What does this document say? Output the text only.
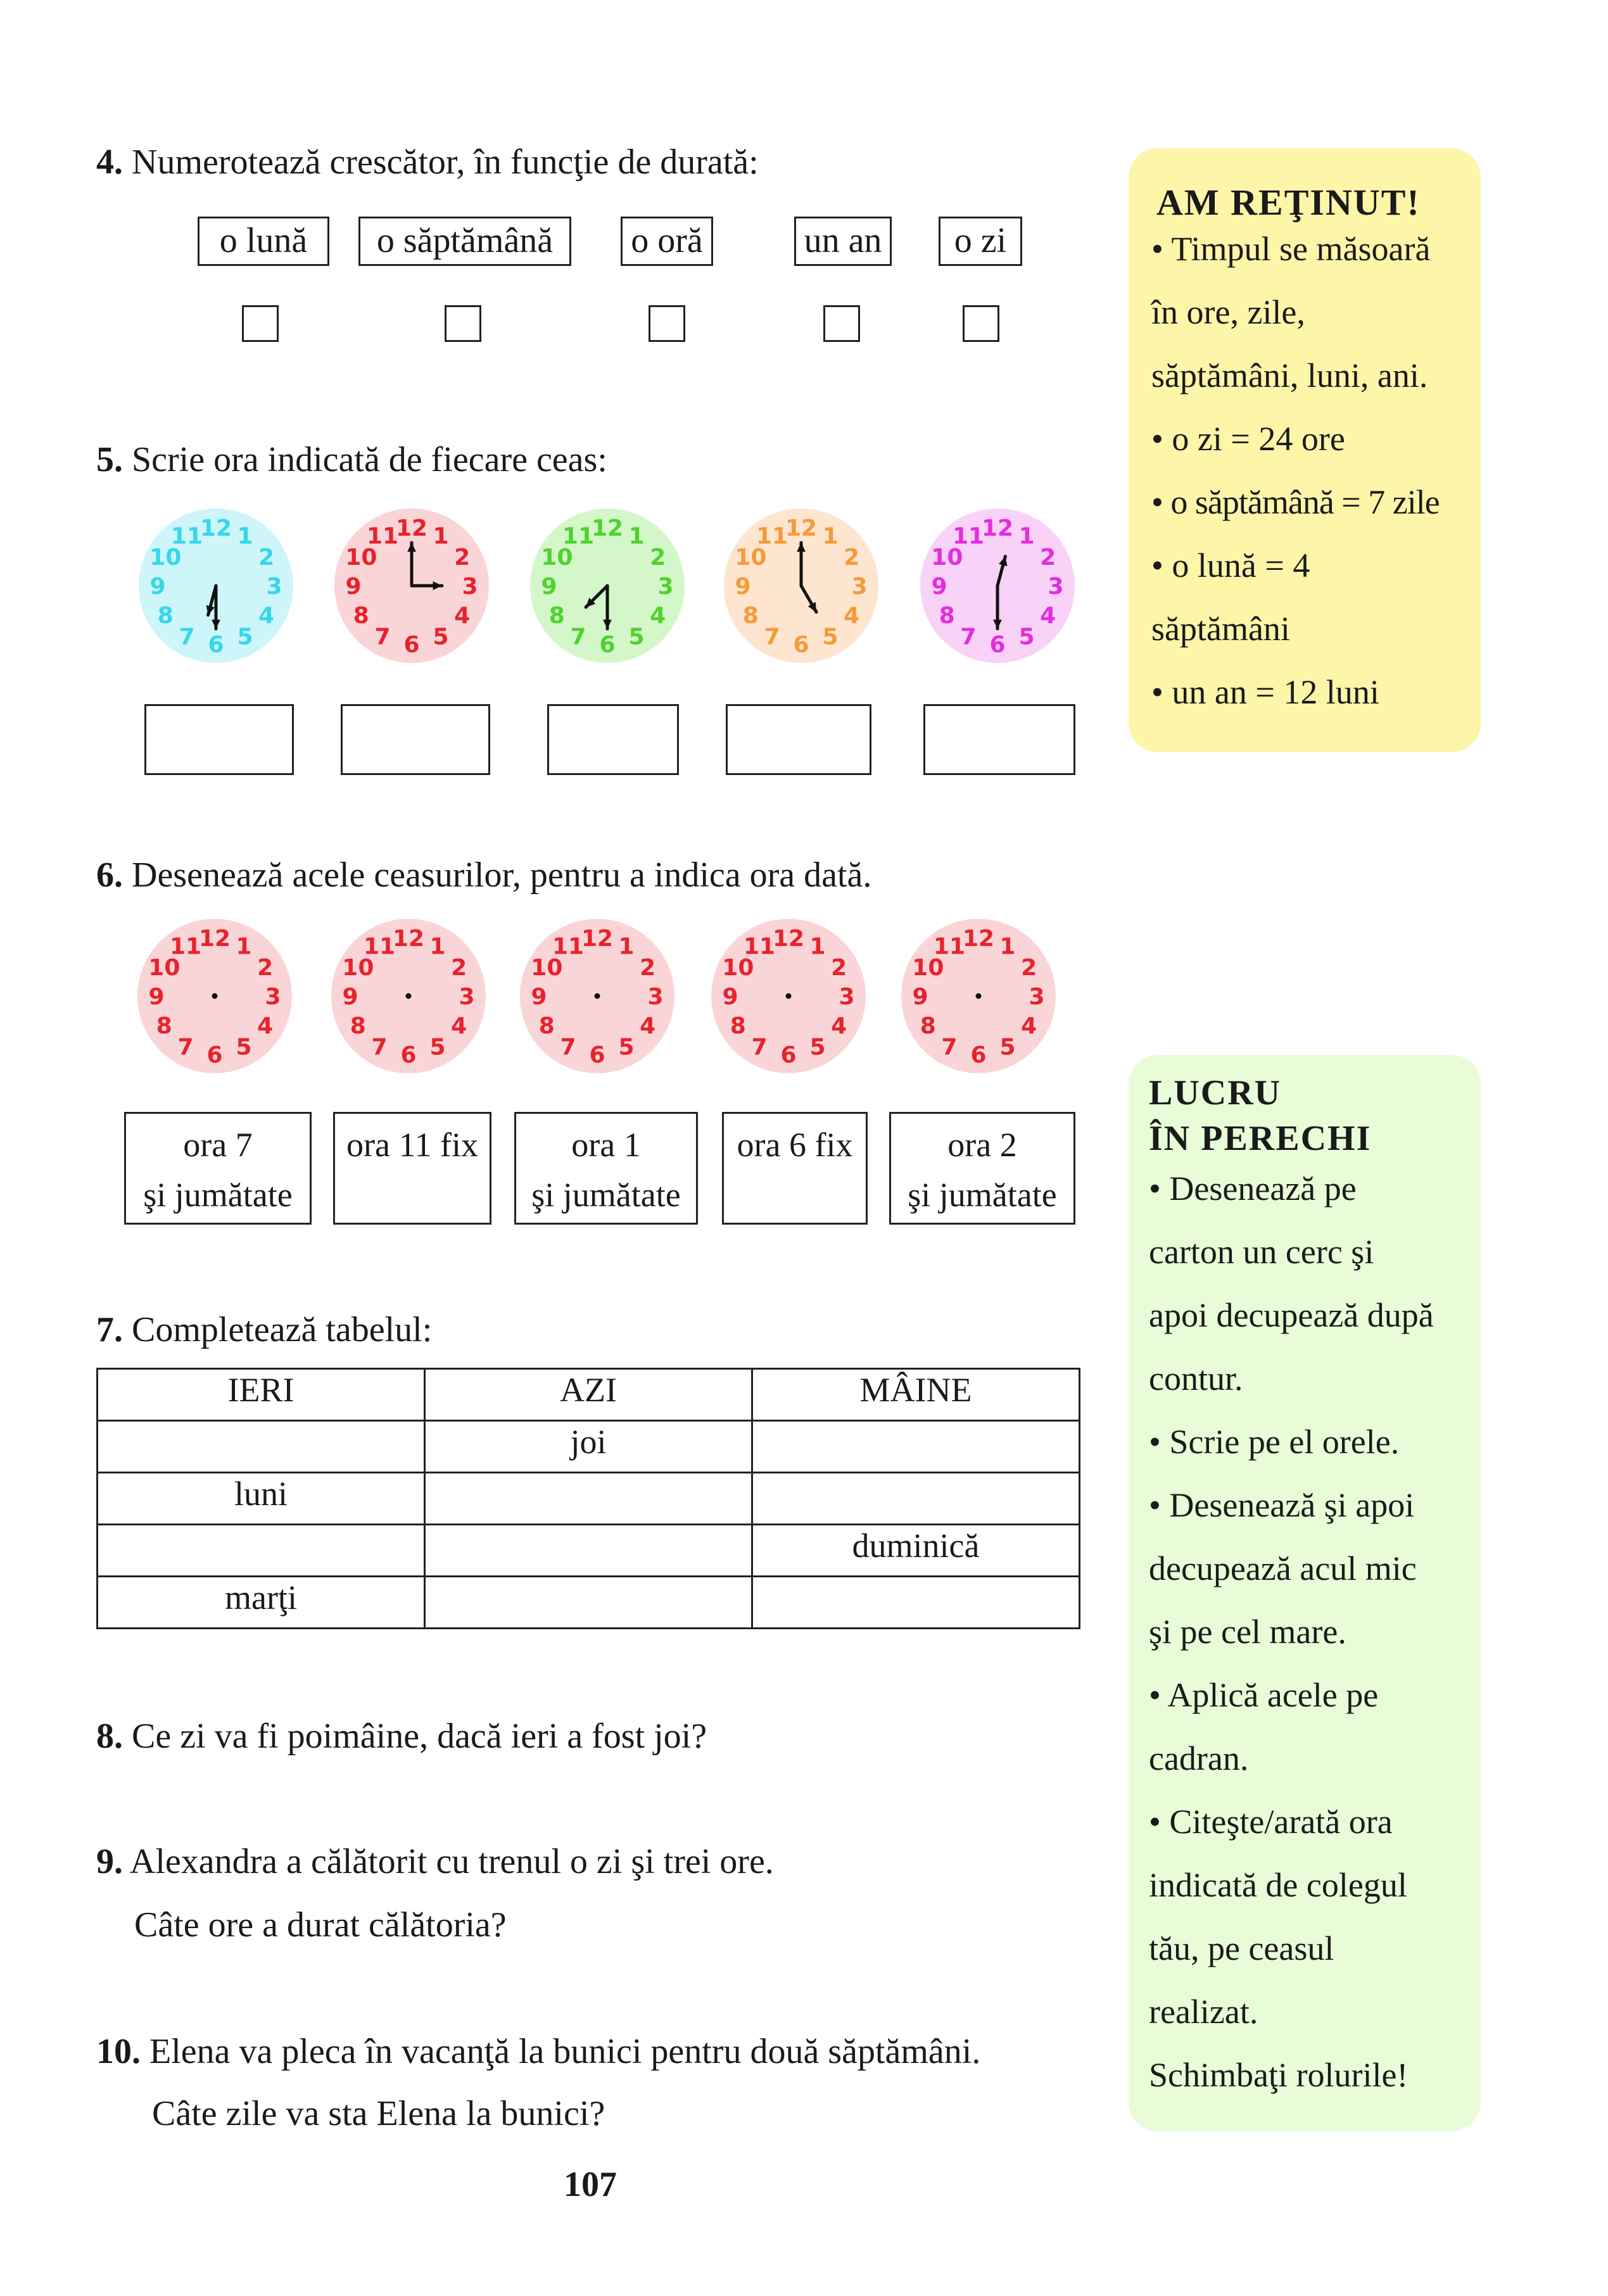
4. Numerotează crescător, în funcţie de durată:
o lună	o săptămână	o oră	un an	o zi
5. Scrie ora indicată de fiecare ceas:
1
2
3
4
5
6
7
8
9
10
11
12	1
2
3
4
5
6
7
8
9
10
11
12	1
2
3
4
5
6
7
8
9
10
11
12	1
2
3
4
5
6
7
8
9
10
11
12	1
2
3
4
5
6
7
8
9
10
11
12
6. Desenează acele ceasurilor, pentru a indica ora dată.
1
2
3
4
5
6
7
8
9
10
11
12	1
2
3
4
5
6
7
8
9
10
11
12	1
2
3
4
5
6
7
8
9
10
11
12	1
2
3
4
5
6
7
8
9
10
11
12	1
2
3
4
5
6
7
8
9
10
11
12
ora 7
şi jumătate
ora 11 fix	ora 1
şi jumătate
ora 6 fix	ora 2
şi jumătate
7. Completează tabelul:
IERI	AZI	MÂINE
	joi	
luni		
		duminică
marţi		
8. Ce zi va fi poimâine, dacă ieri a fost joi?
9. Alexandra a călătorit cu trenul o zi şi trei ore.
Câte ore a durat călătoria?
10. Elena va pleca în vacanţă la bunici pentru două săptămâni.
Câte zile va sta Elena la bunici?
107
AM REŢINUT!
• Timpul se măsoară
în ore, zile,
săptămâni, luni, ani.
• o zi = 24 ore
• o săptămână = 7 zile
• o lună = 4
săptămâni
• un an = 12 luni
LUCRU
ÎN PERECHI
• Desenează pe
carton un cerc şi
apoi decupează după
contur.
• Scrie pe el orele.
• Desenează şi apoi
decupează acul mic
şi pe cel mare.
• Aplică acele pe
cadran.
• Citeşte/arată ora
indicată de colegul
tău, pe ceasul
realizat.
Schimbaţi rolurile!
